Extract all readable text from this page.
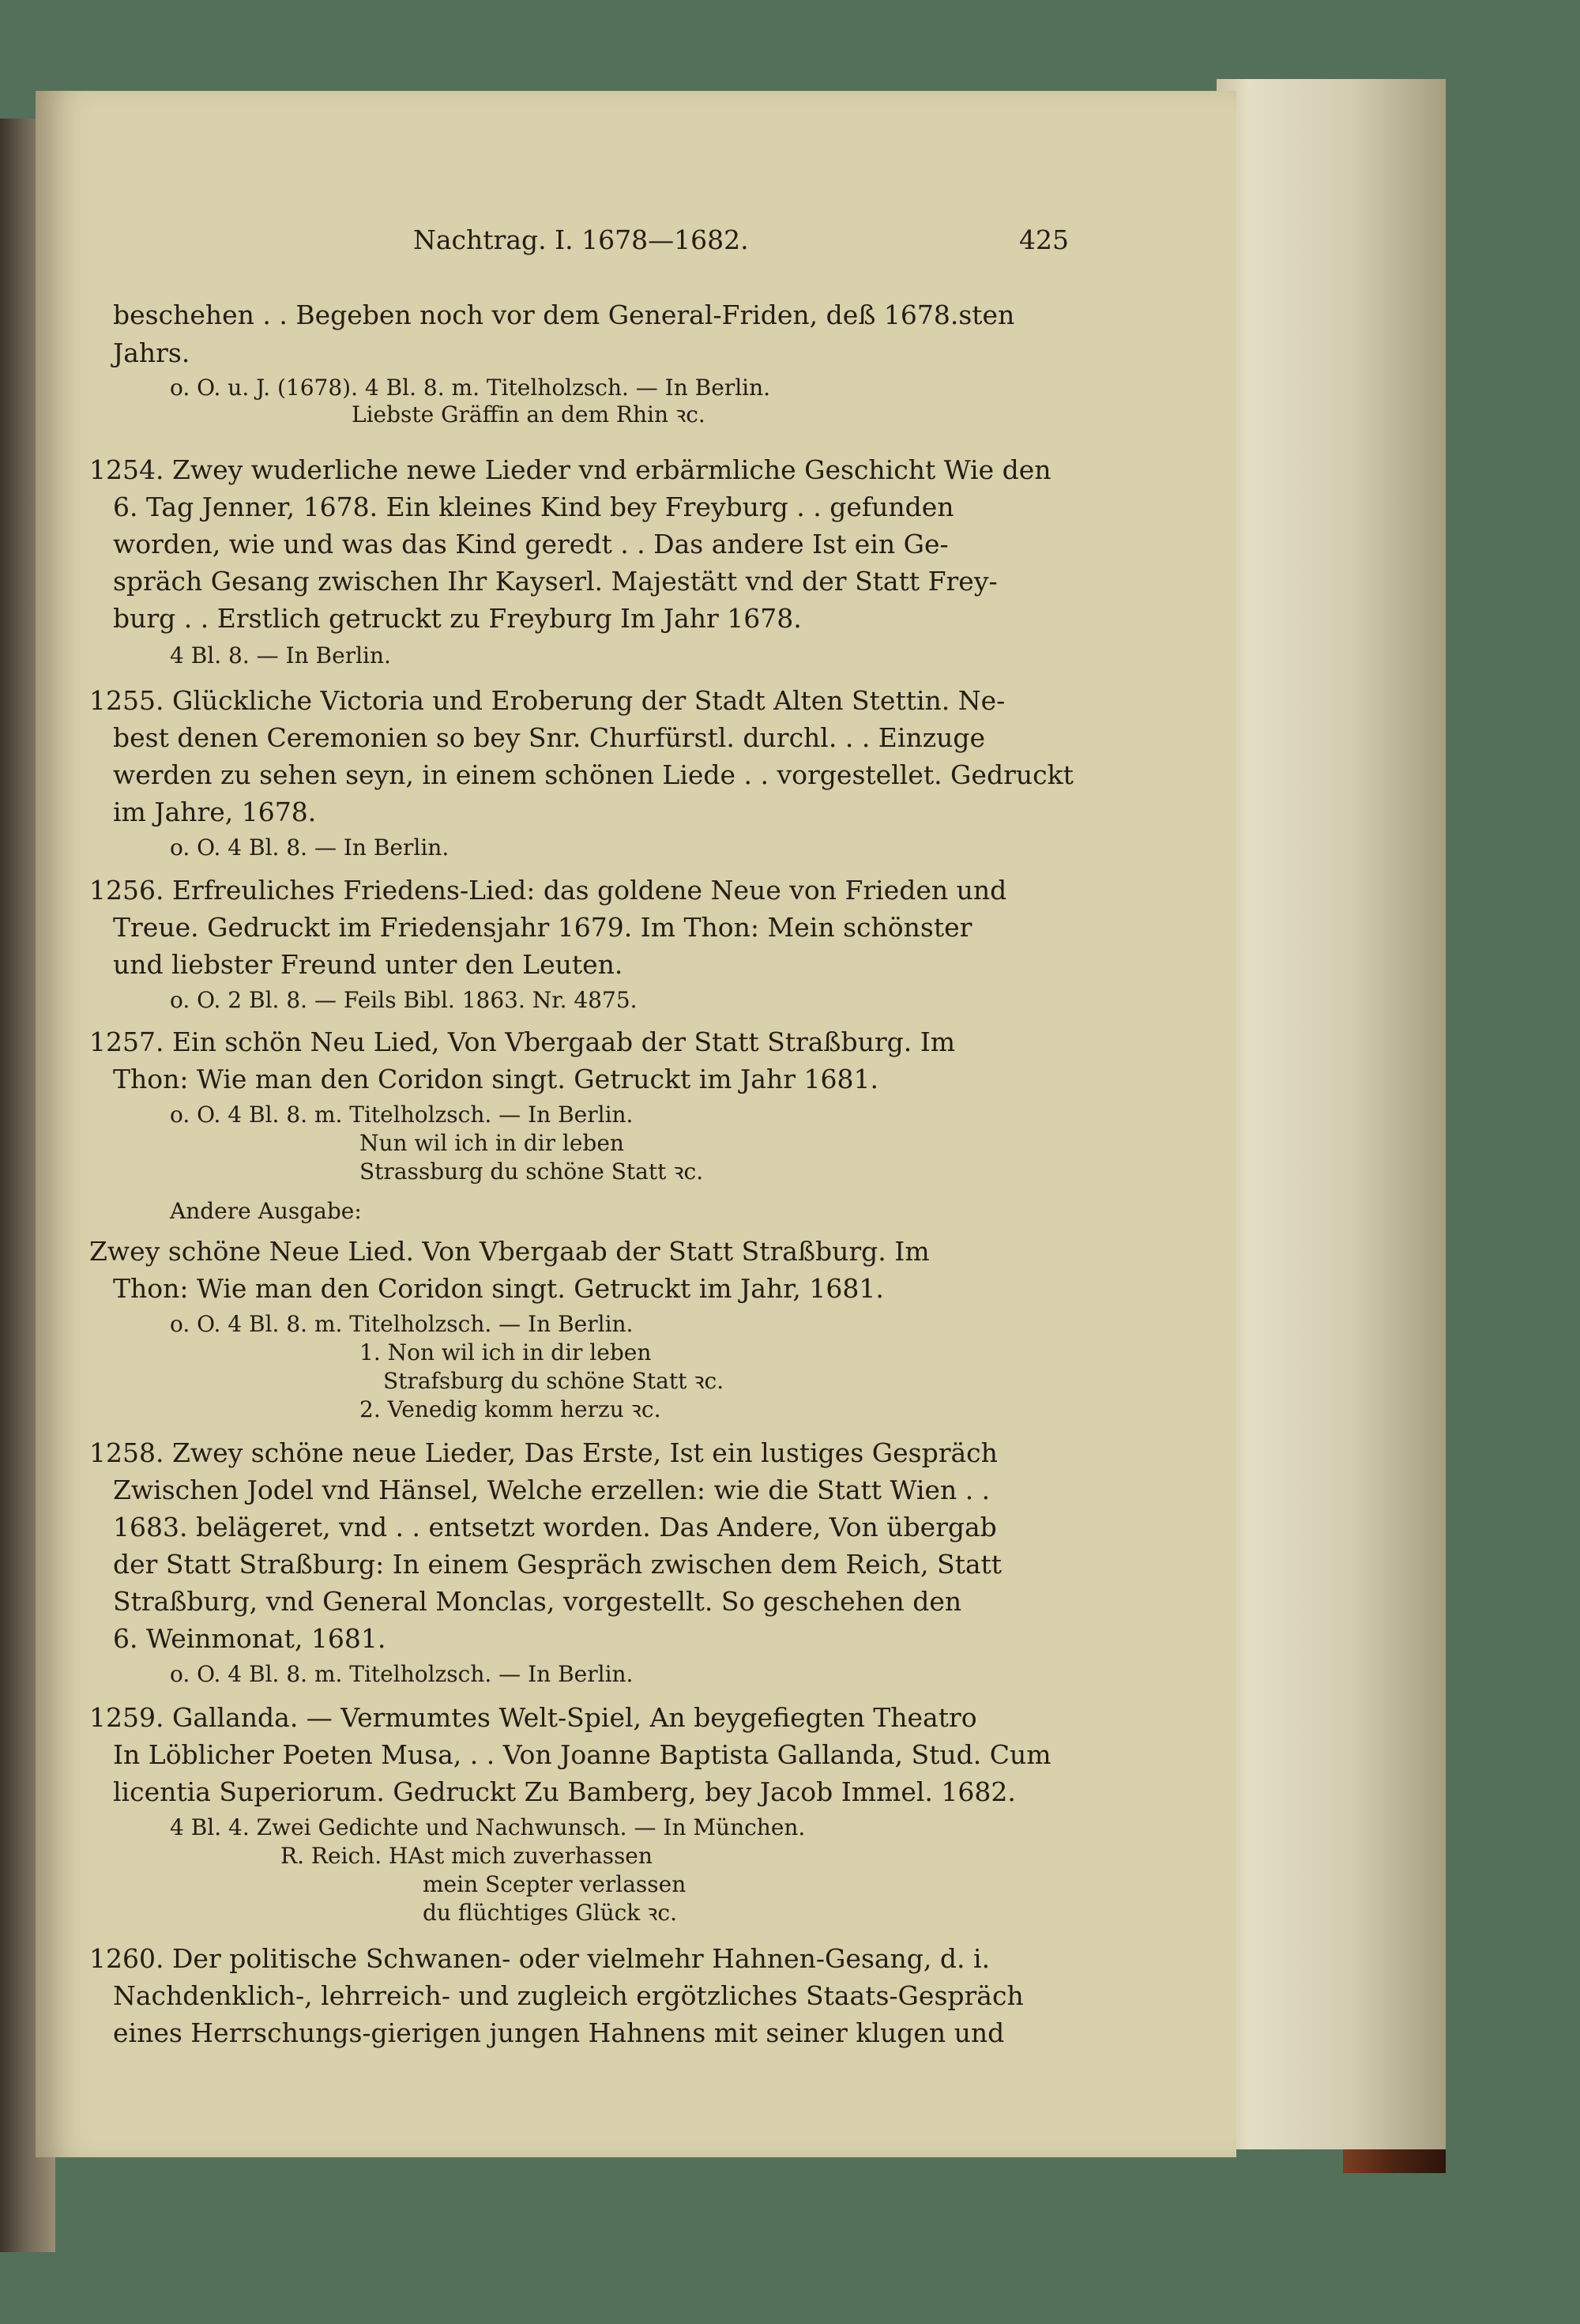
Nachtrag. I. 1678—1682.	425
beschehen . . Begeben noch vor dem General-Friden, deß 1678.sten
Jahrs.
o. O. u. J. (1678). 4 Bl. 8. m. Titelholzsch. — In Berlin.
Liebste Gräffin an dem Rhin ꝛc.
1254. Zwey wuderliche newe Lieder vnd erbärmliche Geschicht Wie den
6. Tag Jenner, 1678. Ein kleines Kind bey Freyburg . . gefunden
worden, wie und was das Kind geredt . . Das andere Ist ein Ge-
spräch Gesang zwischen Ihr Kayserl. Majestätt vnd der Statt Frey-
burg . . Erstlich getruckt zu Freyburg Im Jahr 1678.
4 Bl. 8. — In Berlin.
1255. Glückliche Victoria und Eroberung der Stadt Alten Stettin. Ne-
best denen Ceremonien so bey Snr. Churfürstl. durchl. . . Einzuge
werden zu sehen seyn, in einem schönen Liede . . vorgestellet. Gedruckt
im Jahre, 1678.
o. O. 4 Bl. 8. — In Berlin.
1256. Erfreuliches Friedens-Lied: das goldene Neue von Frieden und
Treue. Gedruckt im Friedensjahr 1679. Im Thon: Mein schönster
und liebster Freund unter den Leuten.
o. O. 2 Bl. 8. — Feils Bibl. 1863. Nr. 4875.
1257. Ein schön Neu Lied, Von Vbergaab der Statt Straßburg. Im
Thon: Wie man den Coridon singt. Getruckt im Jahr 1681.
o. O. 4 Bl. 8. m. Titelholzsch. — In Berlin.
Nun wil ich in dir leben
Strassburg du schöne Statt ꝛc.
Andere Ausgabe:
Zwey schöne Neue Lied. Von Vbergaab der Statt Straßburg. Im
Thon: Wie man den Coridon singt. Getruckt im Jahr, 1681.
o. O. 4 Bl. 8. m. Titelholzsch. — In Berlin.
1. Non wil ich in dir leben
Strafsburg du schöne Statt ꝛc.
2. Venedig komm herzu ꝛc.
1258. Zwey schöne neue Lieder, Das Erste, Ist ein lustiges Gespräch
Zwischen Jodel vnd Hänsel, Welche erzellen: wie die Statt Wien . .
1683. belägeret, vnd . . entsetzt worden. Das Andere, Von übergab
der Statt Straßburg: In einem Gespräch zwischen dem Reich, Statt
Straßburg, vnd General Monclas, vorgestellt. So geschehen den
6. Weinmonat, 1681.
o. O. 4 Bl. 8. m. Titelholzsch. — In Berlin.
1259. Gallanda. — Vermumtes Welt-Spiel, An beygefiegten Theatro
In Löblicher Poeten Musa, . . Von Joanne Baptista Gallanda, Stud. Cum
licentia Superiorum. Gedruckt Zu Bamberg, bey Jacob Immel. 1682.
4 Bl. 4. Zwei Gedichte und Nachwunsch. — In München.
R. Reich. HAst mich zuverhassen
mein Scepter verlassen
du flüchtiges Glück ꝛc.
1260. Der politische Schwanen- oder vielmehr Hahnen-Gesang, d. i.
Nachdenklich-, lehrreich- und zugleich ergötzliches Staats-Gespräch
eines Herrschungs-gierigen jungen Hahnens mit seiner klugen und
